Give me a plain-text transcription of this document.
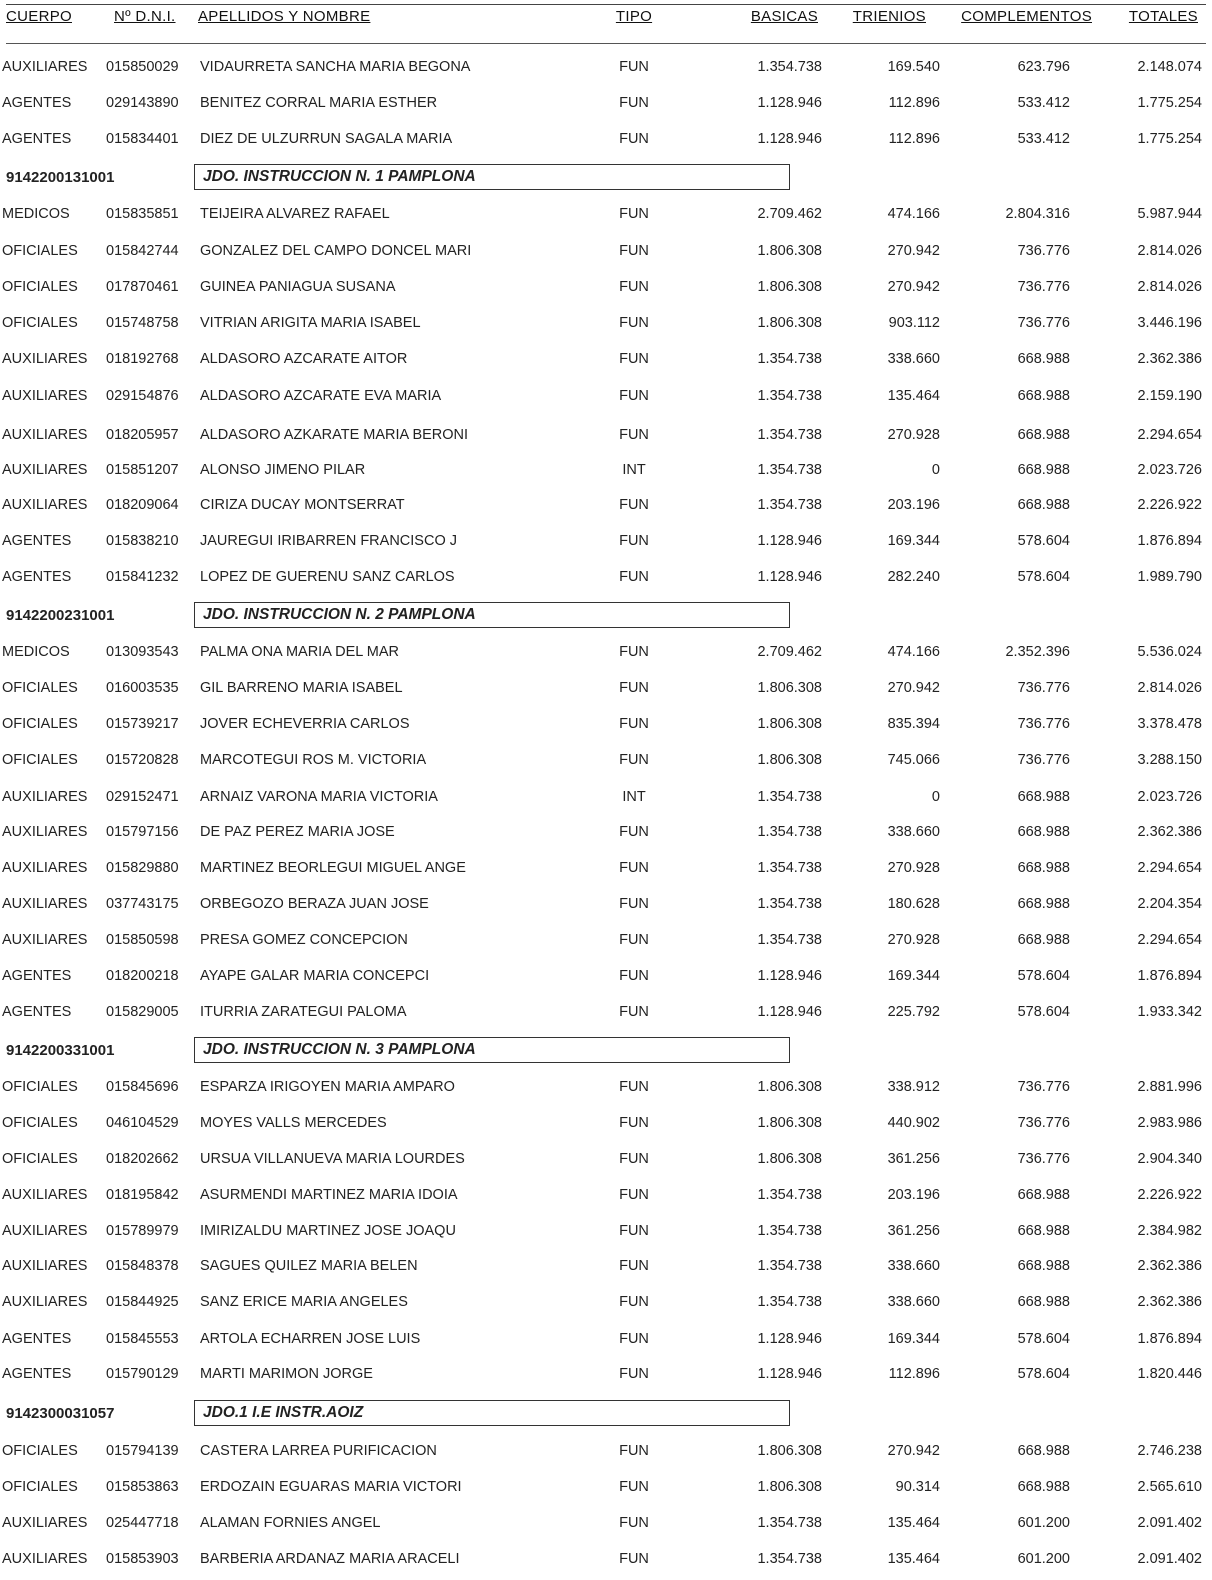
CUERPO	Nº D.N.I.	APELLIDOS Y NOMBRE	TIPO	BASICAS	TRIENIOS	COMPLEMENTOS	TOTALES
AUXILIARES	015850029	VIDAURRETA SANCHA MARIA BEGONA	FUN	1.354.738	169.540	623.796	2.148.074
AGENTES	029143890	BENITEZ CORRAL MARIA ESTHER	FUN	1.128.946	112.896	533.412	1.775.254
AGENTES	015834401	DIEZ DE ULZURRUN SAGALA MARIA	FUN	1.128.946	112.896	533.412	1.775.254
9142200131001	JDO. INSTRUCCION N. 1 PAMPLONA
MEDICOS	015835851	TEIJEIRA ALVAREZ RAFAEL	FUN	2.709.462	474.166	2.804.316	5.987.944
OFICIALES	015842744	GONZALEZ DEL CAMPO DONCEL MARI	FUN	1.806.308	270.942	736.776	2.814.026
OFICIALES	017870461	GUINEA PANIAGUA SUSANA	FUN	1.806.308	270.942	736.776	2.814.026
OFICIALES	015748758	VITRIAN ARIGITA MARIA ISABEL	FUN	1.806.308	903.112	736.776	3.446.196
AUXILIARES	018192768	ALDASORO AZCARATE AITOR	FUN	1.354.738	338.660	668.988	2.362.386
AUXILIARES	029154876	ALDASORO AZCARATE EVA MARIA	FUN	1.354.738	135.464	668.988	2.159.190
AUXILIARES	018205957	ALDASORO AZKARATE MARIA BERONI	FUN	1.354.738	270.928	668.988	2.294.654
AUXILIARES	015851207	ALONSO JIMENO PILAR	INT	1.354.738	0	668.988	2.023.726
AUXILIARES	018209064	CIRIZA DUCAY MONTSERRAT	FUN	1.354.738	203.196	668.988	2.226.922
AGENTES	015838210	JAUREGUI IRIBARREN FRANCISCO J	FUN	1.128.946	169.344	578.604	1.876.894
AGENTES	015841232	LOPEZ DE GUERENU SANZ CARLOS	FUN	1.128.946	282.240	578.604	1.989.790
9142200231001	JDO. INSTRUCCION N. 2 PAMPLONA
MEDICOS	013093543	PALMA ONA MARIA DEL MAR	FUN	2.709.462	474.166	2.352.396	5.536.024
OFICIALES	016003535	GIL BARRENO MARIA ISABEL	FUN	1.806.308	270.942	736.776	2.814.026
OFICIALES	015739217	JOVER ECHEVERRIA CARLOS	FUN	1.806.308	835.394	736.776	3.378.478
OFICIALES	015720828	MARCOTEGUI ROS M. VICTORIA	FUN	1.806.308	745.066	736.776	3.288.150
AUXILIARES	029152471	ARNAIZ VARONA MARIA VICTORIA	INT	1.354.738	0	668.988	2.023.726
AUXILIARES	015797156	DE PAZ PEREZ MARIA JOSE	FUN	1.354.738	338.660	668.988	2.362.386
AUXILIARES	015829880	MARTINEZ BEORLEGUI MIGUEL ANGE	FUN	1.354.738	270.928	668.988	2.294.654
AUXILIARES	037743175	ORBEGOZO BERAZA JUAN JOSE	FUN	1.354.738	180.628	668.988	2.204.354
AUXILIARES	015850598	PRESA GOMEZ CONCEPCION	FUN	1.354.738	270.928	668.988	2.294.654
AGENTES	018200218	AYAPE GALAR MARIA CONCEPCI	FUN	1.128.946	169.344	578.604	1.876.894
AGENTES	015829005	ITURRIA ZARATEGUI PALOMA	FUN	1.128.946	225.792	578.604	1.933.342
9142200331001	JDO. INSTRUCCION N. 3 PAMPLONA
OFICIALES	015845696	ESPARZA IRIGOYEN MARIA AMPARO	FUN	1.806.308	338.912	736.776	2.881.996
OFICIALES	046104529	MOYES VALLS MERCEDES	FUN	1.806.308	440.902	736.776	2.983.986
OFICIALES	018202662	URSUA VILLANUEVA MARIA LOURDES	FUN	1.806.308	361.256	736.776	2.904.340
AUXILIARES	018195842	ASURMENDI MARTINEZ MARIA IDOIA	FUN	1.354.738	203.196	668.988	2.226.922
AUXILIARES	015789979	IMIRIZALDU MARTINEZ JOSE JOAQU	FUN	1.354.738	361.256	668.988	2.384.982
AUXILIARES	015848378	SAGUES QUILEZ MARIA BELEN	FUN	1.354.738	338.660	668.988	2.362.386
AUXILIARES	015844925	SANZ ERICE MARIA ANGELES	FUN	1.354.738	338.660	668.988	2.362.386
AGENTES	015845553	ARTOLA ECHARREN JOSE LUIS	FUN	1.128.946	169.344	578.604	1.876.894
AGENTES	015790129	MARTI MARIMON JORGE	FUN	1.128.946	112.896	578.604	1.820.446
9142300031057	JDO.1 I.E INSTR.AOIZ
OFICIALES	015794139	CASTERA LARREA PURIFICACION	FUN	1.806.308	270.942	668.988	2.746.238
OFICIALES	015853863	ERDOZAIN EGUARAS MARIA VICTORI	FUN	1.806.308	90.314	668.988	2.565.610
AUXILIARES	025447718	ALAMAN FORNIES ANGEL	FUN	1.354.738	135.464	601.200	2.091.402
AUXILIARES	015853903	BARBERIA ARDANAZ MARIA ARACELI	FUN	1.354.738	135.464	601.200	2.091.402
